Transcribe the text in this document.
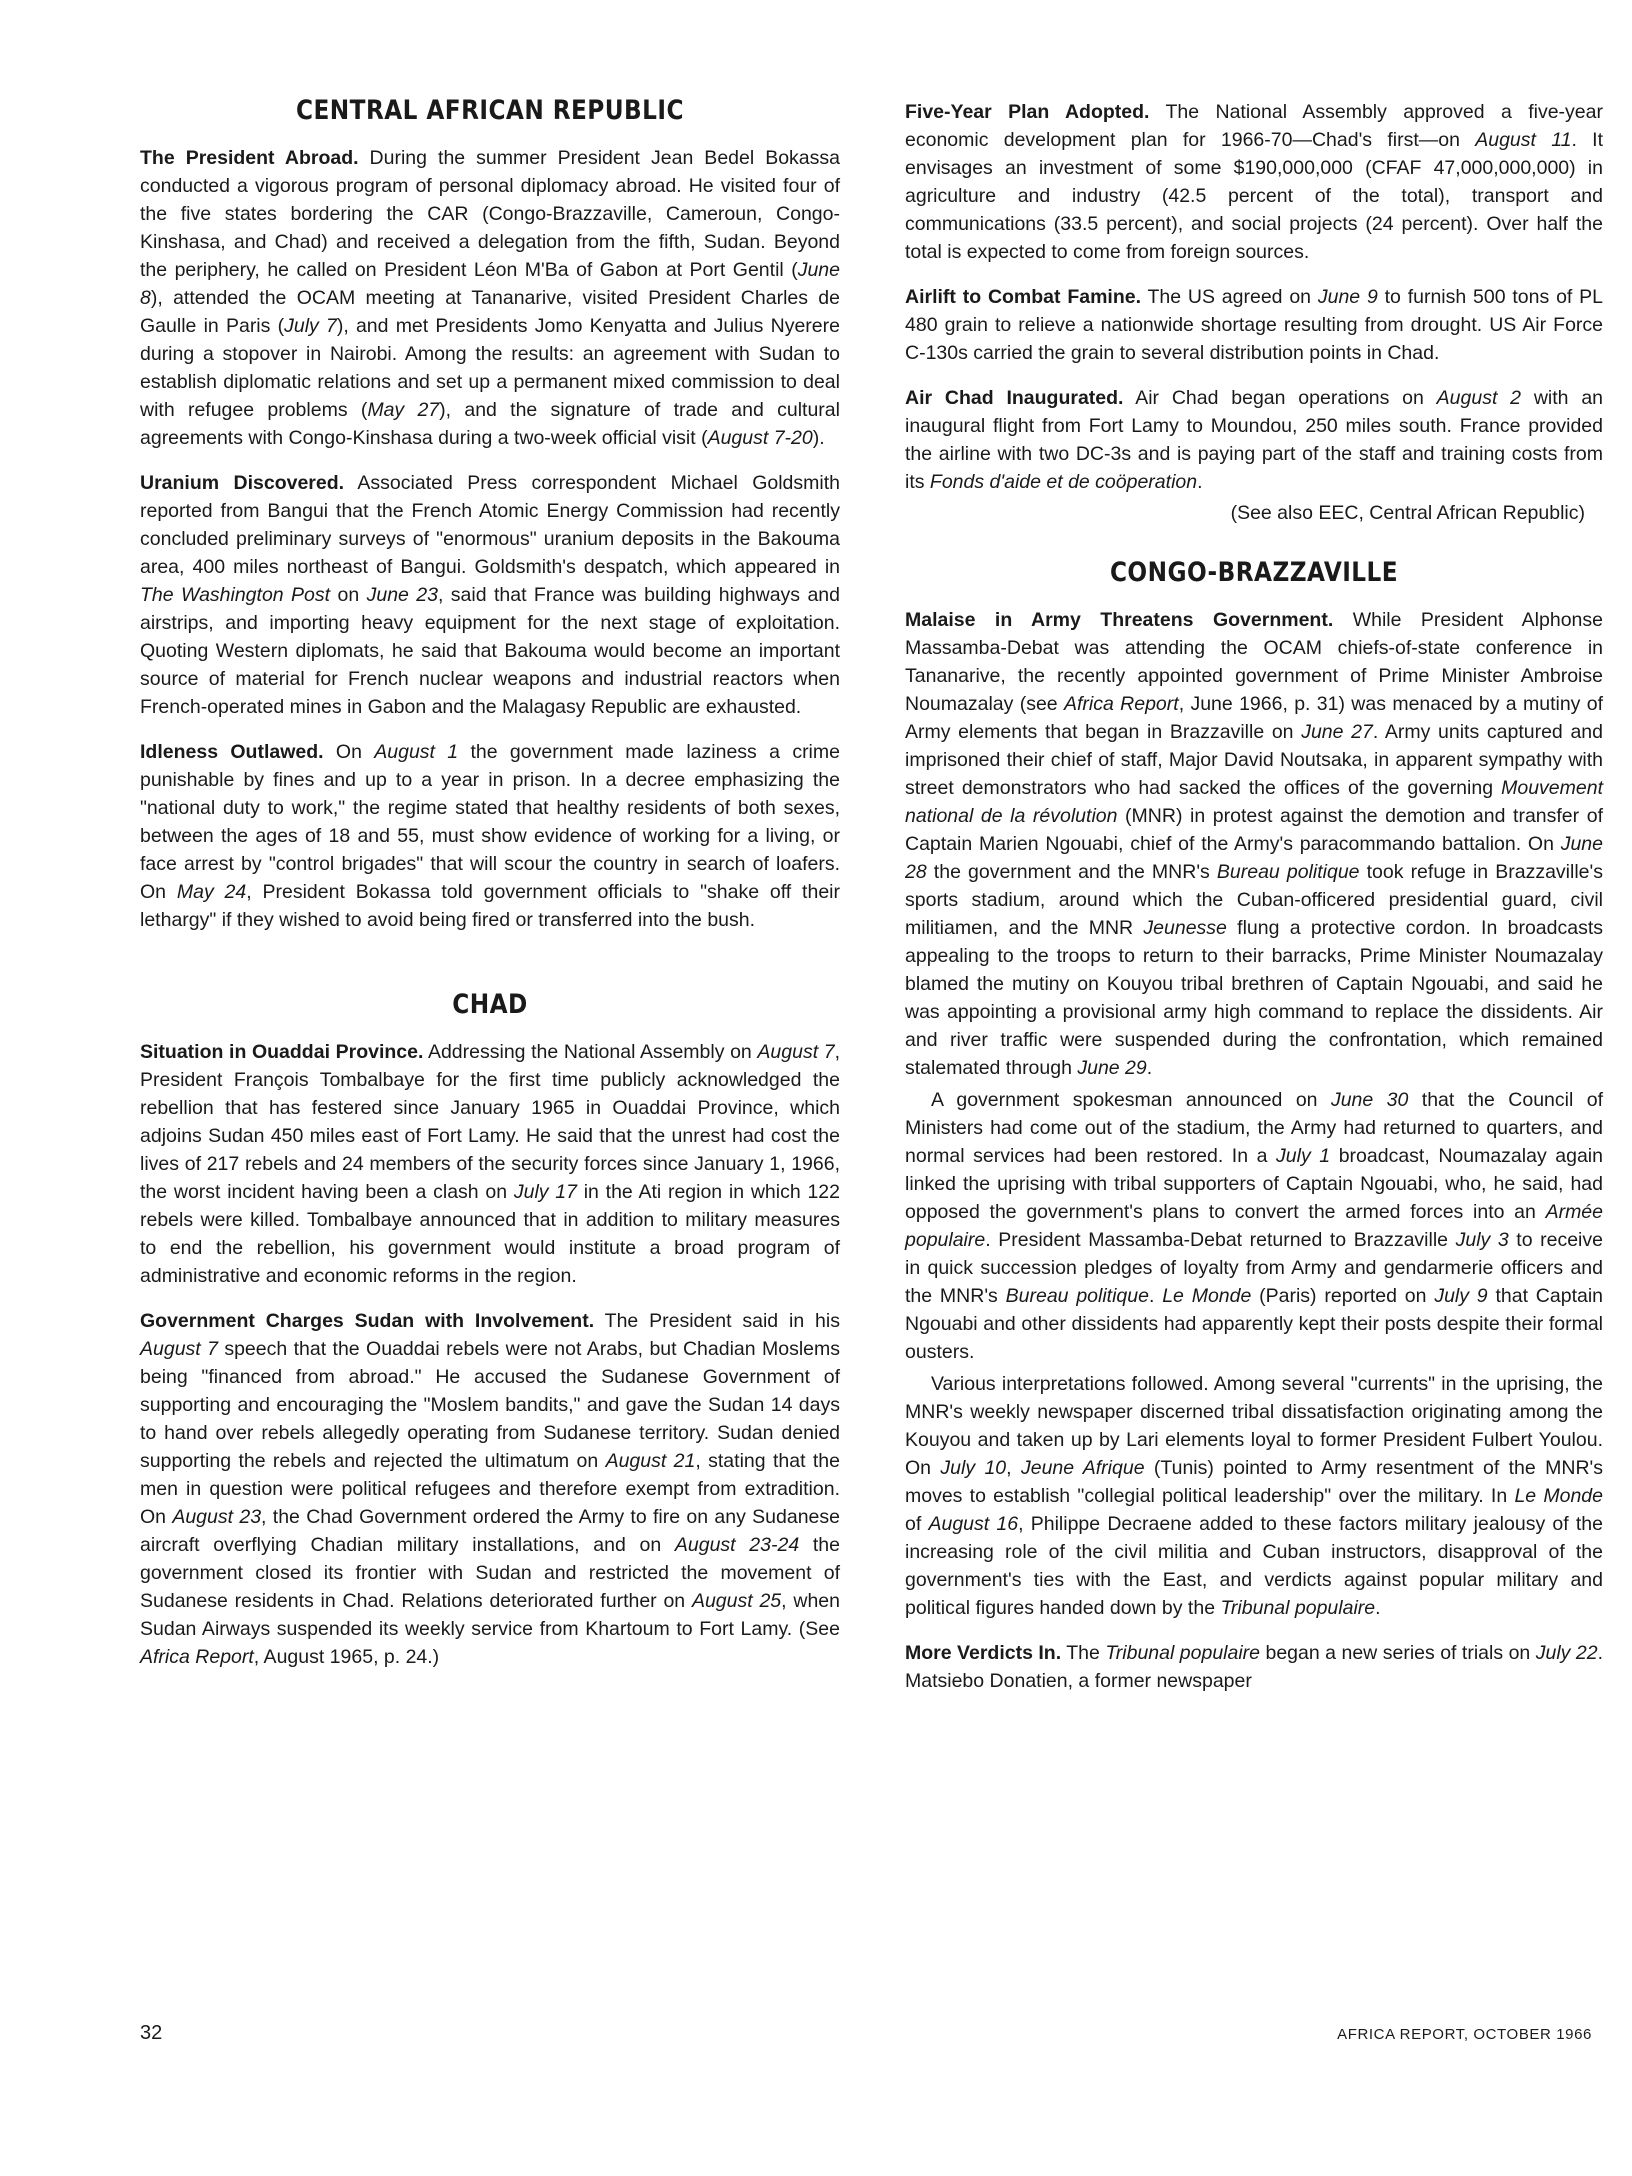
CENTRAL AFRICAN REPUBLIC

The President Abroad. During the summer President Jean Bedel Bokassa conducted a vigorous program of personal diplomacy abroad. He visited four of the five states bordering the CAR (Congo-Brazzaville, Cameroun, Congo-Kinshasa, and Chad) and received a delegation from the fifth, Sudan. Beyond the periphery, he called on President Léon M'Ba of Gabon at Port Gentil (June 8), attended the OCAM meeting at Tananarive, visited President Charles de Gaulle in Paris (July 7), and met Presidents Jomo Kenyatta and Julius Nyerere during a stopover in Nairobi. Among the results: an agreement with Sudan to establish diplomatic relations and set up a permanent mixed commission to deal with refugee problems (May 27), and the signature of trade and cultural agreements with Congo-Kinshasa during a two-week official visit (August 7-20).

Uranium Discovered. Associated Press correspondent Michael Goldsmith reported from Bangui that the French Atomic Energy Commission had recently concluded preliminary surveys of "enormous" uranium deposits in the Bakouma area, 400 miles northeast of Bangui. Goldsmith's despatch, which appeared in The Washington Post on June 23, said that France was building highways and airstrips, and importing heavy equipment for the next stage of exploitation. Quoting Western diplomats, he said that Bakouma would become an important source of material for French nuclear weapons and industrial reactors when French-operated mines in Gabon and the Malagasy Republic are exhausted.

Idleness Outlawed. On August 1 the government made laziness a crime punishable by fines and up to a year in prison. In a decree emphasizing the "national duty to work," the regime stated that healthy residents of both sexes, between the ages of 18 and 55, must show evidence of working for a living, or face arrest by "control brigades" that will scour the country in search of loafers. On May 24, President Bokassa told government officials to "shake off their lethargy" if they wished to avoid being fired or transferred into the bush.

CHAD

Situation in Ouaddai Province. Addressing the National Assembly on August 7, President François Tombalbaye for the first time publicly acknowledged the rebellion that has festered since January 1965 in Ouaddai Province, which adjoins Sudan 450 miles east of Fort Lamy. He said that the unrest had cost the lives of 217 rebels and 24 members of the security forces since January 1, 1966, the worst incident having been a clash on July 17 in the Ati region in which 122 rebels were killed. Tombalbaye announced that in addition to military measures to end the rebellion, his government would institute a broad program of administrative and economic reforms in the region.

Government Charges Sudan with Involvement. The President said in his August 7 speech that the Ouaddai rebels were not Arabs, but Chadian Moslems being "financed from abroad." He accused the Sudanese Government of supporting and encouraging the "Moslem bandits," and gave the Sudan 14 days to hand over rebels allegedly operating from Sudanese territory. Sudan denied supporting the rebels and rejected the ultimatum on August 21, stating that the men in question were political refugees and therefore exempt from extradition. On August 23, the Chad Government ordered the Army to fire on any Sudanese aircraft overflying Chadian military installations, and on August 23-24 the government closed its frontier with Sudan and restricted the movement of Sudanese residents in Chad. Relations deteriorated further on August 25, when Sudan Airways suspended its weekly service from Khartoum to Fort Lamy. (See Africa Report, August 1965, p. 24.)

Five-Year Plan Adopted. The National Assembly approved a five-year economic development plan for 1966-70—Chad's first—on August 11. It envisages an investment of some $190,000,000 (CFAF 47,000,000,000) in agriculture and industry (42.5 percent of the total), transport and communications (33.5 percent), and social projects (24 percent). Over half the total is expected to come from foreign sources.

Airlift to Combat Famine. The US agreed on June 9 to furnish 500 tons of PL 480 grain to relieve a nationwide shortage resulting from drought. US Air Force C-130s carried the grain to several distribution points in Chad.

Air Chad Inaugurated. Air Chad began operations on August 2 with an inaugural flight from Fort Lamy to Moundou, 250 miles south. France provided the airline with two DC-3s and is paying part of the staff and training costs from its Fonds d'aide et de coöperation.

(See also EEC, Central African Republic)

CONGO-BRAZZAVILLE

Malaise in Army Threatens Government. While President Alphonse Massamba-Debat was attending the OCAM chiefs-of-state conference in Tananarive, the recently appointed government of Prime Minister Ambroise Noumazalay (see Africa Report, June 1966, p. 31) was menaced by a mutiny of Army elements that began in Brazzaville on June 27. Army units captured and imprisoned their chief of staff, Major David Noutsaka, in apparent sympathy with street demonstrators who had sacked the offices of the governing Mouvement national de la révolution (MNR) in protest against the demotion and transfer of Captain Marien Ngouabi, chief of the Army's paracommando battalion. On June 28 the government and the MNR's Bureau politique took refuge in Brazzaville's sports stadium, around which the Cuban-officered presidential guard, civil militiamen, and the MNR Jeunesse flung a protective cordon. In broadcasts appealing to the troops to return to their barracks, Prime Minister Noumazalay blamed the mutiny on Kouyou tribal brethren of Captain Ngouabi, and said he was appointing a provisional army high command to replace the dissidents. Air and river traffic were suspended during the confrontation, which remained stalemated through June 29.

A government spokesman announced on June 30 that the Council of Ministers had come out of the stadium, the Army had returned to quarters, and normal services had been restored. In a July 1 broadcast, Noumazalay again linked the uprising with tribal supporters of Captain Ngouabi, who, he said, had opposed the government's plans to convert the armed forces into an Armée populaire. President Massamba-Debat returned to Brazzaville July 3 to receive in quick succession pledges of loyalty from Army and gendarmerie officers and the MNR's Bureau politique. Le Monde (Paris) reported on July 9 that Captain Ngouabi and other dissidents had apparently kept their posts despite their formal ousters.

Various interpretations followed. Among several "currents" in the uprising, the MNR's weekly newspaper discerned tribal dissatisfaction originating among the Kouyou and taken up by Lari elements loyal to former President Fulbert Youlou. On July 10, Jeune Afrique (Tunis) pointed to Army resentment of the MNR's moves to establish "collegial political leadership" over the military. In Le Monde of August 16, Philippe Decraene added to these factors military jealousy of the increasing role of the civil militia and Cuban instructors, disapproval of the government's ties with the East, and verdicts against popular military and political figures handed down by the Tribunal populaire.

More Verdicts In. The Tribunal populaire began a new series of trials on July 22. Matsiebo Donatien, a former newspaper

32	AFRICA REPORT, OCTOBER 1966
